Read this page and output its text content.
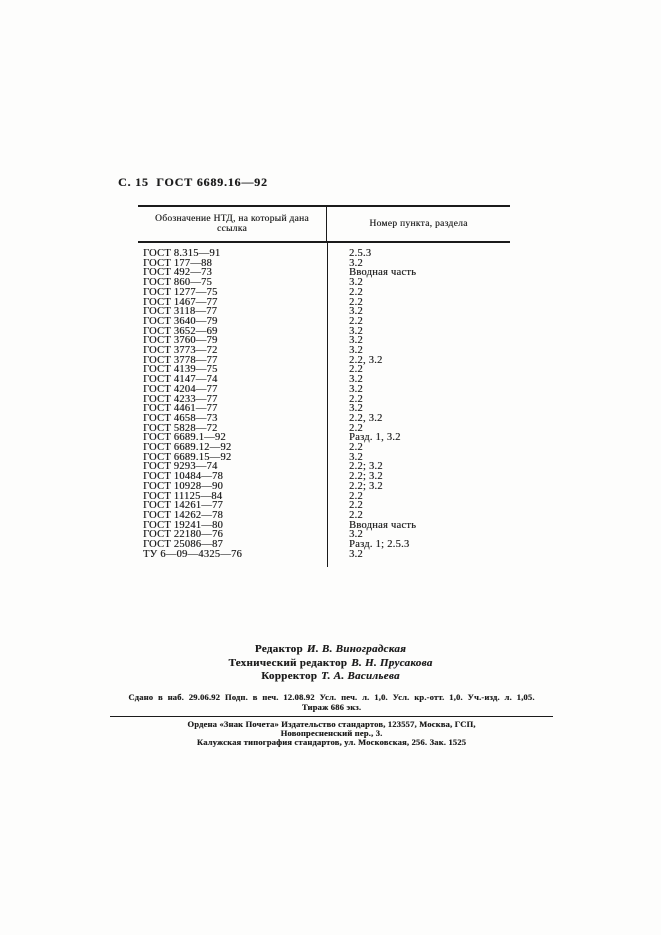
С. 15  ГОСТ 6689.16—92
Обозначение НТД, на который дана ссылка	Номер пункта, раздела
ГОСТ 8.315—91	2.5.3
ГОСТ 177—88	3.2
ГОСТ 492—73	Вводная часть
ГОСТ 860—75	3.2
ГОСТ 1277—75	2.2
ГОСТ 1467—77	2.2
ГОСТ 3118—77	3.2
ГОСТ 3640—79	2.2
ГОСТ 3652—69	3.2
ГОСТ 3760—79	3.2
ГОСТ 3773—72	3.2
ГОСТ 3778—77	2.2, 3.2
ГОСТ 4139—75	2.2
ГОСТ 4147—74	3.2
ГОСТ 4204—77	3.2
ГОСТ 4233—77	2.2
ГОСТ 4461—77	3.2
ГОСТ 4658—73	2.2, 3.2
ГОСТ 5828—72	2.2
ГОСТ 6689.1—92	Разд. 1, 3.2
ГОСТ 6689.12—92	2.2
ГОСТ 6689.15—92	3.2
ГОСТ 9293—74	2.2; 3.2
ГОСТ 10484—78	2.2; 3.2
ГОСТ 10928—90	2.2; 3.2
ГОСТ 11125—84	2.2
ГОСТ 14261—77	2.2
ГОСТ 14262—78	2.2
ГОСТ 19241—80	Вводная часть
ГОСТ 22180—76	3.2
ГОСТ 25086—87	Разд. 1; 2.5.3
ТУ 6—09—4325—76	3.2
Редактор И. В. Виноградская
Технический редактор В. Н. Прусакова
Корректор Т. А. Васильева
Сдано в наб. 29.06.92 Подп. в печ. 12.08.92 Усл. печ. л. 1,0. Усл. кр.-отт. 1,0. Уч.-изд. л. 1,05.
Тираж 686 экз.
Ордена «Знак Почета» Издательство стандартов, 123557, Москва, ГСП,
Новопресненский пер., 3.
Калужская типография стандартов, ул. Московская, 256. Зак. 1525
